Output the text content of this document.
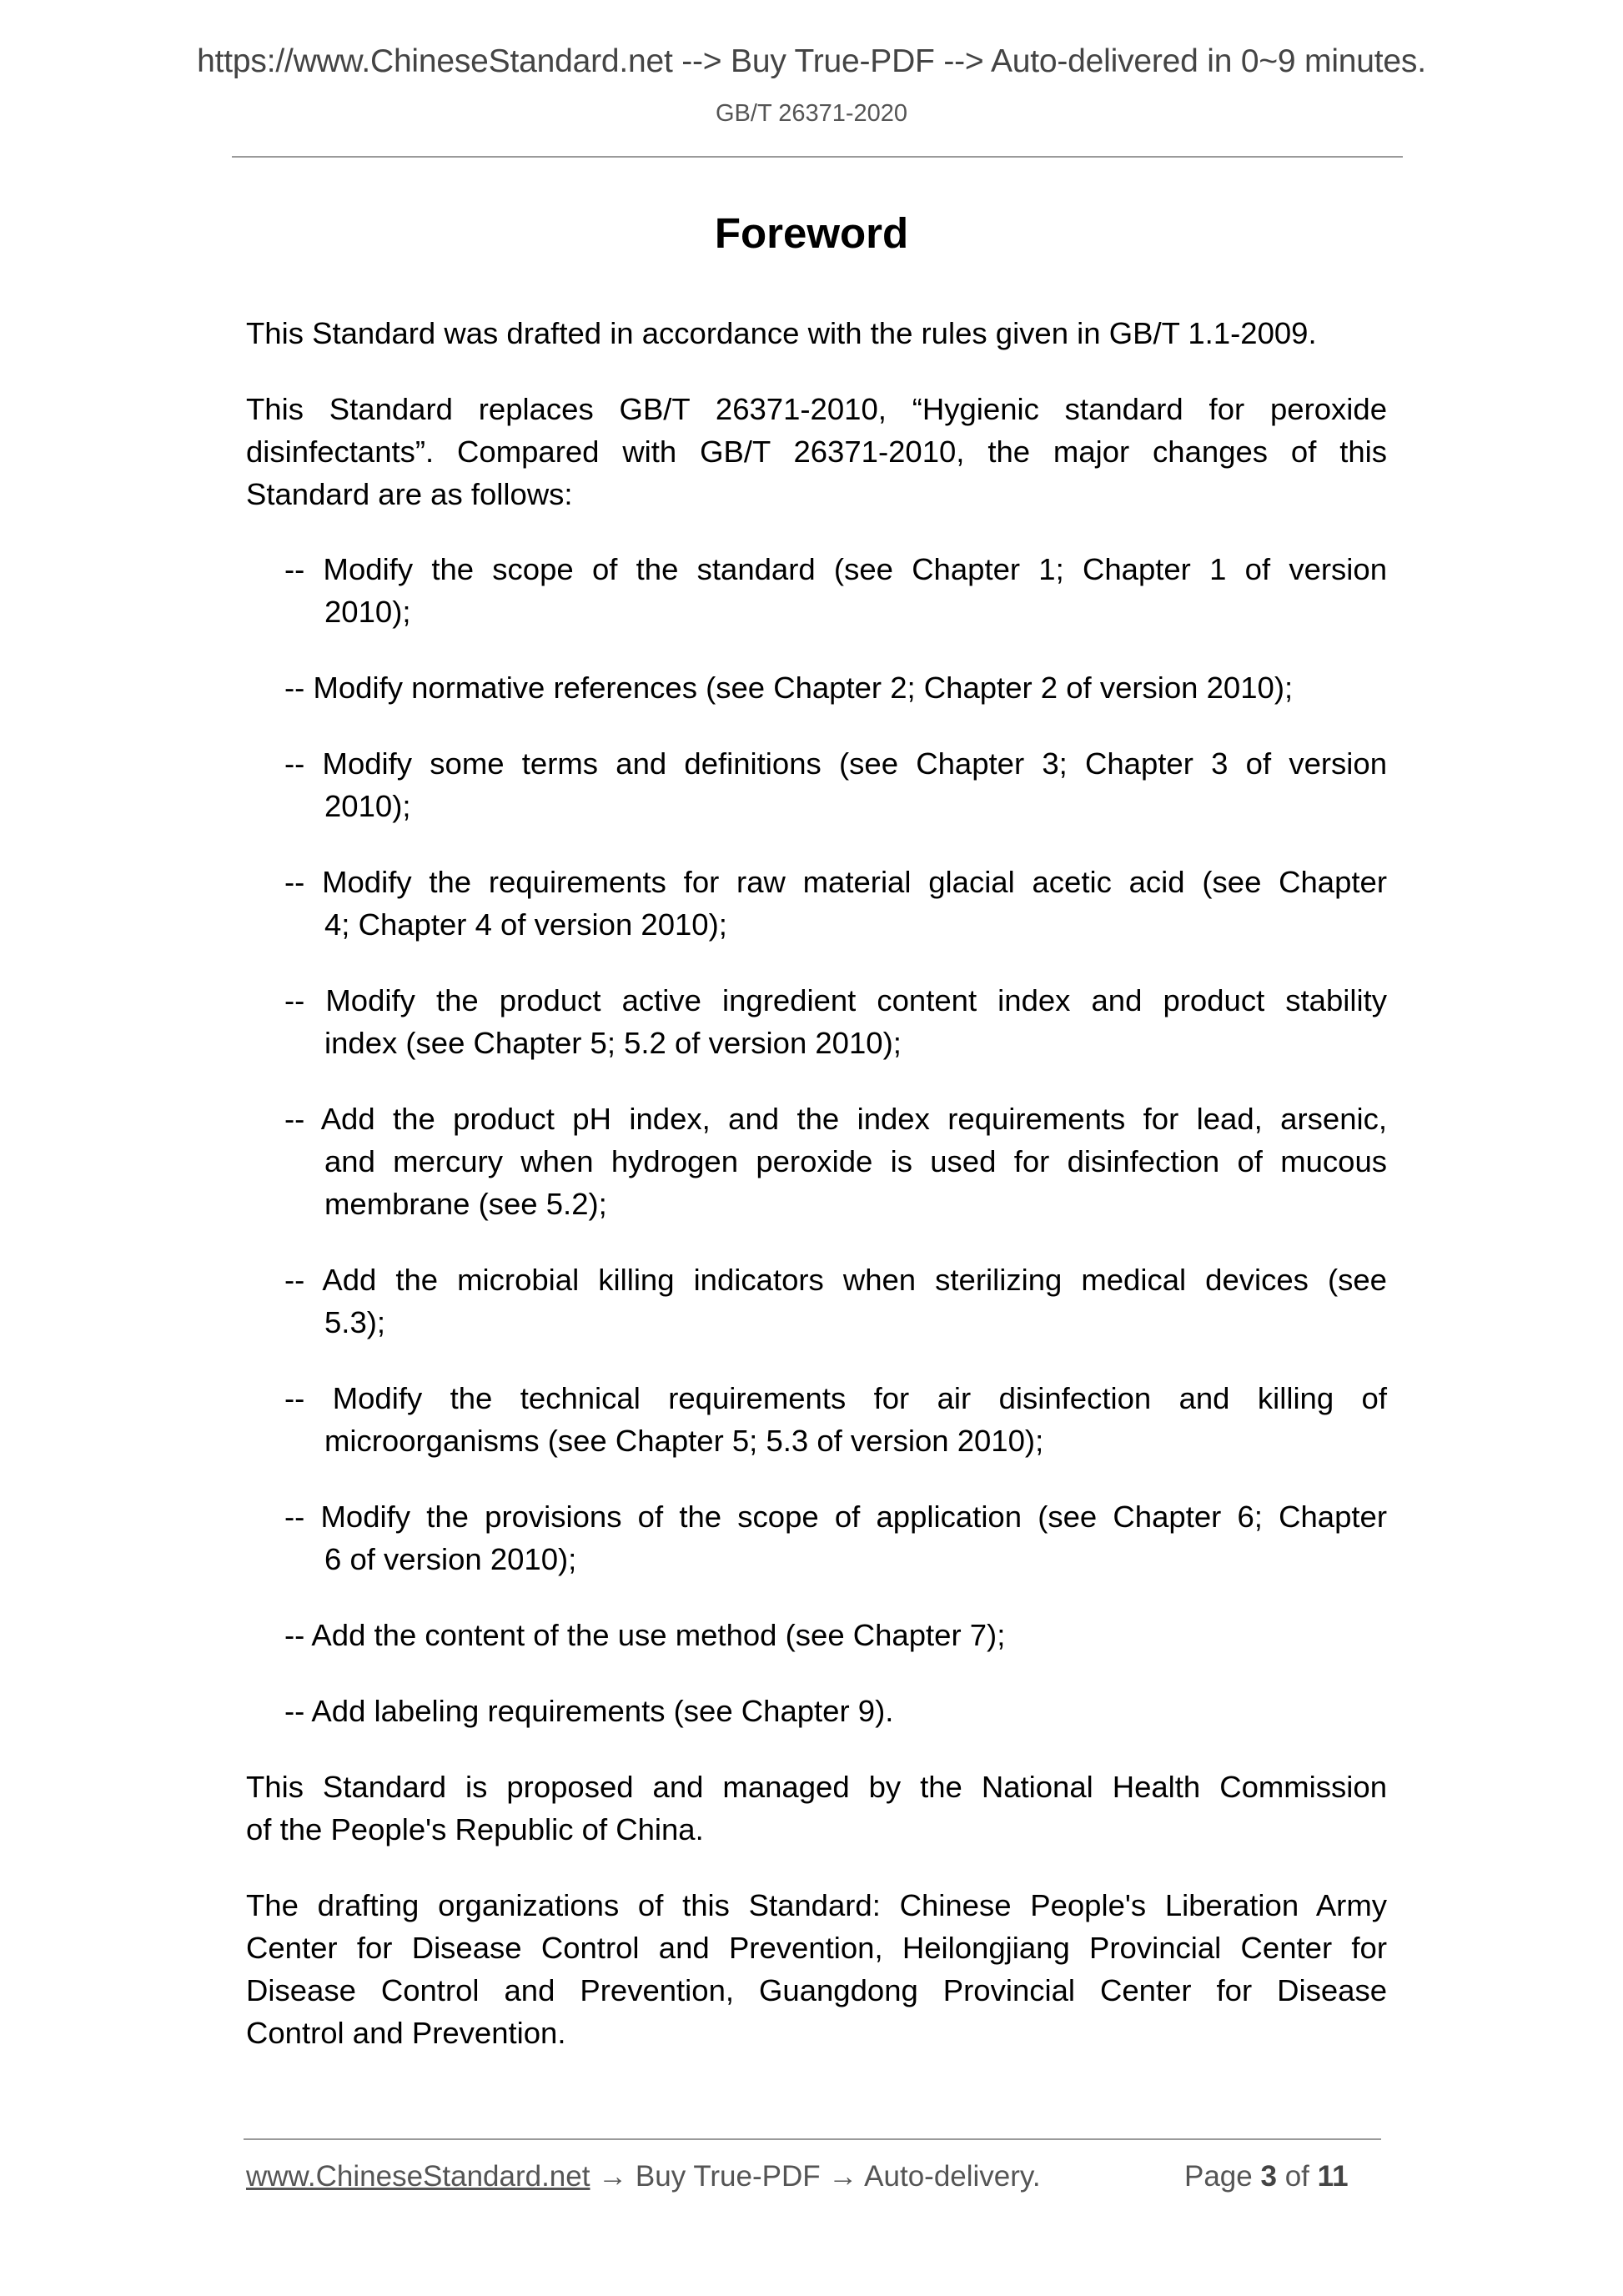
https://www.ChineseStandard.net --> Buy True-PDF --> Auto-delivered in 0~9 minutes.
GB/T 26371-2020
Foreword
This Standard was drafted in accordance with the rules given in GB/T 1.1-2009.
This Standard replaces GB/T 26371-2010, “Hygienic standard for peroxide
disinfectants”. Compared with GB/T 26371-2010, the major changes of this
Standard are as follows:
-- Modify the scope of the standard (see Chapter 1; Chapter 1 of version
2010);
-- Modify normative references (see Chapter 2; Chapter 2 of version 2010);
-- Modify some terms and definitions (see Chapter 3; Chapter 3 of version
2010);
-- Modify the requirements for raw material glacial acetic acid (see Chapter
4; Chapter 4 of version 2010);
-- Modify the product active ingredient content index and product stability
index (see Chapter 5; 5.2 of version 2010);
-- Add the product pH index, and the index requirements for lead, arsenic,
and mercury when hydrogen peroxide is used for disinfection of mucous
membrane (see 5.2);
-- Add the microbial killing indicators when sterilizing medical devices (see
5.3);
-- Modify the technical requirements for air disinfection and killing of
microorganisms (see Chapter 5; 5.3 of version 2010);
-- Modify the provisions of the scope of application (see Chapter 6; Chapter
6 of version 2010);
-- Add the content of the use method (see Chapter 7);
-- Add labeling requirements (see Chapter 9).
This Standard is proposed and managed by the National Health Commission
of the People's Republic of China.
The drafting organizations of this Standard: Chinese People's Liberation Army
Center for Disease Control and Prevention, Heilongjiang Provincial Center for
Disease Control and Prevention, Guangdong Provincial Center for Disease
Control and Prevention.
www.ChineseStandard.net → Buy True-PDF → Auto-delivery.	Page 3 of 11
